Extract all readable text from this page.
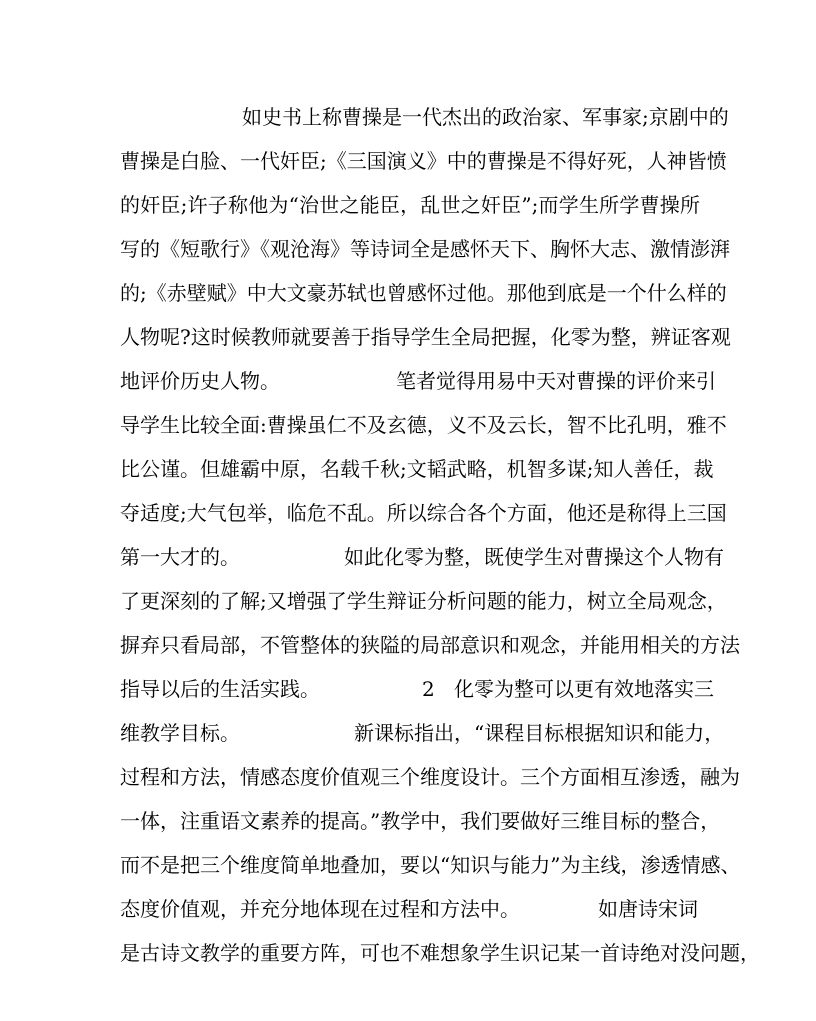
如史书上称曹操是一代杰出的政治家、军事家;京剧中的
曹操是白脸、一代奸臣;《三国演义》中的曹操是不得好死，人神皆愤
的奸臣;许子称他为“治世之能臣，乱世之奸臣”;而学生所学曹操所
写的《短歌行》《观沧海》等诗词全是感怀天下、胸怀大志、激情澎湃
的;《赤壁赋》中大文豪苏轼也曾感怀过他。那他到底是一个什么样的
人物呢?这时候教师就要善于指导学生全局把握，化零为整，辨证客观
地评价历史人物。	笔者觉得用易中天对曹操的评价来引
导学生比较全面:曹操虽仁不及玄德，义不及云长，智不比孔明，雅不
比公谨。但雄霸中原，名载千秋;文韬武略，机智多谋;知人善任，裁
夺适度;大气包举，临危不乱。所以综合各个方面，他还是称得上三国
第一大才的。	如此化零为整，既使学生对曹操这个人物有
了更深刻的了解;又增强了学生辩证分析问题的能力，树立全局观念，
摒弃只看局部，不管整体的狭隘的局部意识和观念，并能用相关的方法
指导以后的生活实践。	2 化零为整可以更有效地落实三
维教学目标。	新课标指出，“课程目标根据知识和能力，
过程和方法，情感态度价值观三个维度设计。三个方面相互渗透，融为
一体，注重语文素养的提高。”教学中，我们要做好三维目标的整合，
而不是把三个维度简单地叠加，要以“知识与能力”为主线，渗透情感、
态度价值观，并充分地体现在过程和方法中。	如唐诗宋词
是古诗文教学的重要方阵，可也不难想象学生识记某一首诗绝对没问题，
